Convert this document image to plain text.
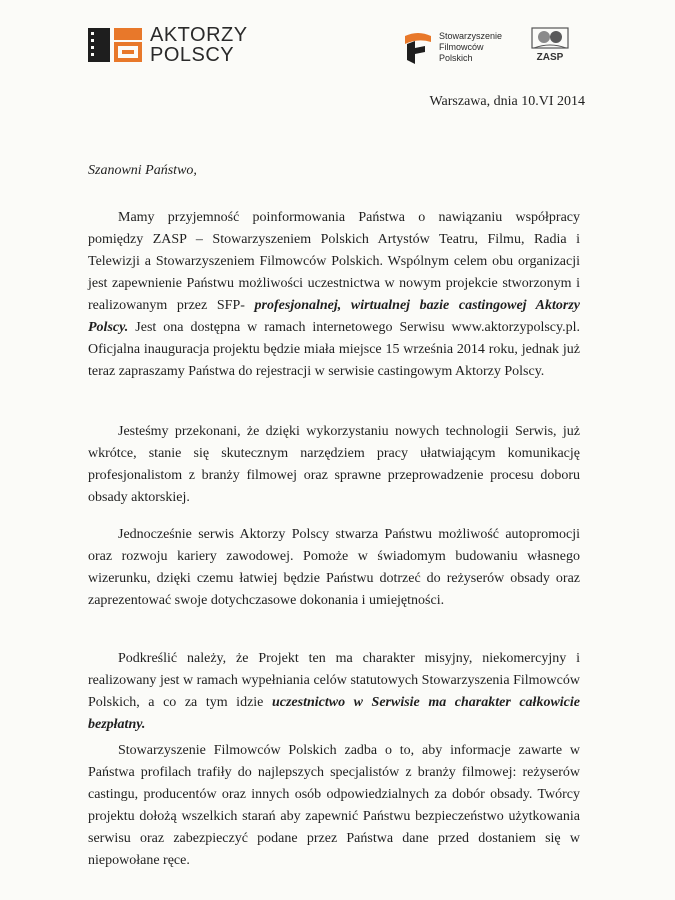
AKTORZY
POLSCY
Stowarzyszenie
Filmowców
Polskich	ZASP
Warszawa, dnia 10.VI 2014
Szanowni Państwo,

Mamy przyjemność poinformowania Państwa o nawiązaniu współpracy pomiędzy ZASP – Stowarzyszeniem Polskich Artystów Teatru, Filmu, Radia i Telewizji a Stowarzyszeniem Filmowców Polskich. Wspólnym celem obu organizacji jest zapewnienie Państwu możliwości uczestnictwa w nowym projekcie stworzonym i realizowanym przez SFP- profesjonalnej, wirtualnej bazie castingowej Aktorzy Polscy. Jest ona dostępna w ramach internetowego Serwisu www.aktorzypolscy.pl. Oficjalna inauguracja projektu będzie miała miejsce 15 września 2014 roku, jednak już teraz zapraszamy Państwa do rejestracji w serwisie castingowym Aktorzy Polscy.

Jesteśmy przekonani, że dzięki wykorzystaniu nowych technologii Serwis, już wkrótce, stanie się skutecznym narzędziem pracy ułatwiającym komunikację profesjonalistom z branży filmowej oraz sprawne przeprowadzenie procesu doboru obsady aktorskiej.

Jednocześnie serwis Aktorzy Polscy stwarza Państwu możliwość autopromocji oraz rozwoju kariery zawodowej. Pomoże w świadomym budowaniu własnego wizerunku, dzięki czemu łatwiej będzie Państwu dotrzeć do reżyserów obsady oraz zaprezentować swoje dotychczasowe dokonania i umiejętności.

Podkreślić należy, że Projekt ten ma charakter misyjny, niekomercyjny i realizowany jest w ramach wypełniania celów statutowych Stowarzyszenia Filmowców Polskich, a co za tym idzie uczestnictwo w Serwisie ma charakter całkowicie bezpłatny.

Stowarzyszenie Filmowców Polskich zadba o to, aby informacje zawarte w Państwa profilach trafiły do najlepszych specjalistów z branży filmowej: reżyserów castingu, producentów oraz innych osób odpowiedzialnych za dobór obsady. Twórcy projektu dołożą wszelkich starań aby zapewnić Państwu bezpieczeństwo użytkowania serwisu oraz zabezpieczyć podane przez Państwa dane przed dostaniem się w niepowołane ręce.
